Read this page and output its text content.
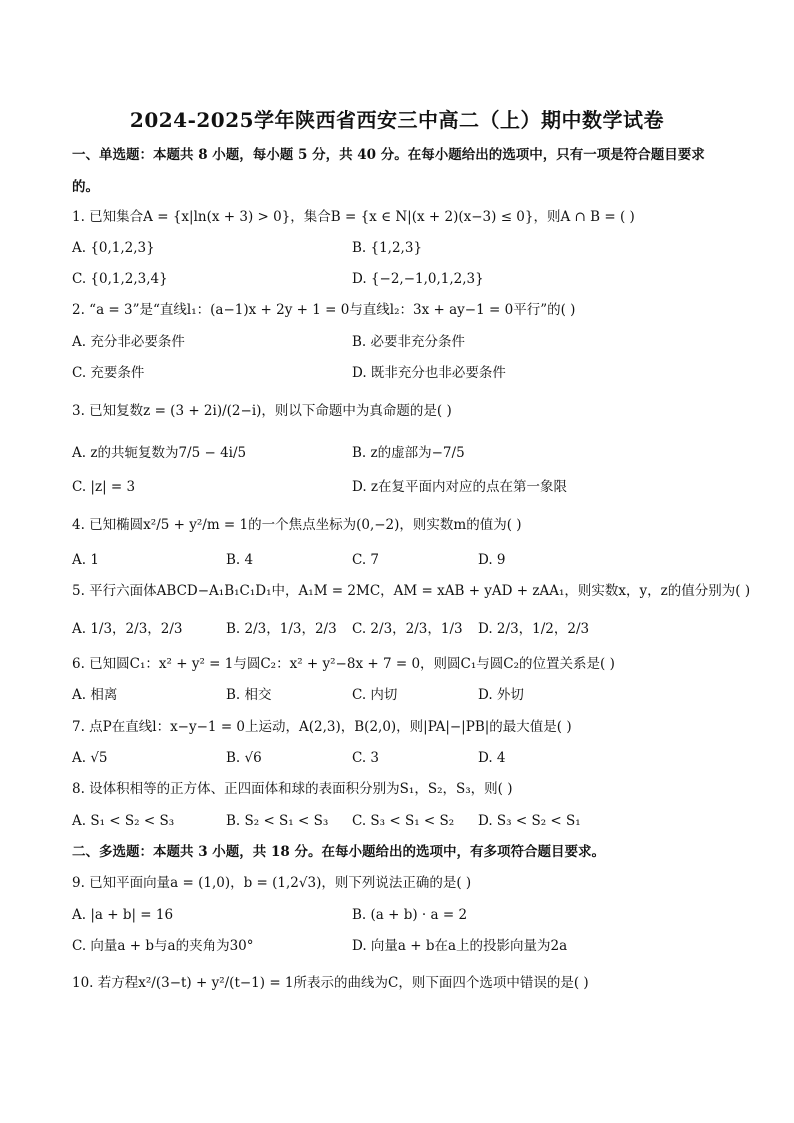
2024-2025学年陕西省西安三中高二（上）期中数学试卷
一、单选题：本题共 8 小题，每小题 5 分，共 40 分。在每小题给出的选项中，只有一项是符合题目要求
的。
1. 已知集合A = {x|ln(x + 3) > 0}，集合B = {x ∈ N|(x + 2)(x−3) ≤ 0}，则A ∩ B = ( )
A. {0,1,2,3}	B. {1,2,3}
C. {0,1,2,3,4}	D. {−2,−1,0,1,2,3}
2. “a = 3”是“直线l₁：(a−1)x + 2y + 1 = 0与直线l₂：3x + ay−1 = 0平行”的( )
A. 充分非必要条件	B. 必要非充分条件
C. 充要条件	D. 既非充分也非必要条件
3. 已知复数z = (3 + 2i)/(2−i)，则以下命题中为真命题的是( )
A. z的共轭复数为7/5 − 4i/5	B. z的虚部为−7/5
C. |z| = 3	D. z在复平面内对应的点在第一象限
4. 已知椭圆x²/5 + y²/m = 1的一个焦点坐标为(0,−2)，则实数m的值为( )
A. 1	B. 4	C. 7	D. 9
5. 平行六面体ABCD−A₁B₁C₁D₁中，A₁M = 2MC，AM = xAB + yAD + zAA₁，则实数x，y，z的值分别为( )
A. 1/3，2/3，2/3	B. 2/3，1/3，2/3 C. 2/3，2/3，1/3 D. 2/3，1/2，2/3
6. 已知圆C₁：x² + y² = 1与圆C₂：x² + y²−8x + 7 = 0，则圆C₁与圆C₂的位置关系是( )
A. 相离	B. 相交	C. 内切	D. 外切
7. 点P在直线l：x−y−1 = 0上运动，A(2,3)，B(2,0)，则|PA|−|PB|的最大值是( )
A. √5	B. √6	C. 3	D. 4
8. 设体积相等的正方体、正四面体和球的表面积分别为S₁，S₂，S₃，则( )
A. S₁ < S₂ < S₃	B. S₂ < S₁ < S₃ C. S₃ < S₁ < S₂ D. S₃ < S₂ < S₁
二、多选题：本题共 3 小题，共 18 分。在每小题给出的选项中，有多项符合题目要求。
9. 已知平面向量a = (1,0)，b = (1,2√3)，则下列说法正确的是( )
A. |a + b| = 16	B. (a + b) · a = 2
C. 向量a + b与a的夹角为30°	D. 向量a + b在a上的投影向量为2a
10. 若方程x²/(3−t) + y²/(t−1) = 1所表示的曲线为C，则下面四个选项中错误的是( )
